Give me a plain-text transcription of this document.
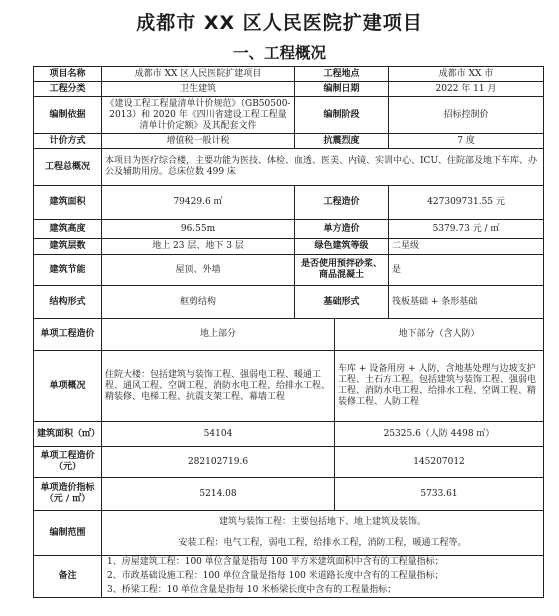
成都市 XX 区人民医院扩建项目
一、工程概况
项目名称	成都市 XX 区人民医院扩建项目	工程地点		成都市 XX 市
工程分类	卫生建筑	编制日期		2022 年 11 月
编制依据	《建设工程工程量清单计价规范》（GB50500-2013）和 2020 年《四川省建设工程工程量清单计价定额》及其配套文件	编制阶段		招标控制价
计价方式	增值税一般计税	抗震烈度		7 度
工程总概况	本项目为医疗综合楼，主要功能为医技、体检、血透、医美、内镜、实训中心、ICU、住院部及地下车库、办公及辅助用房。总床位数 499 床			
建筑面积	79429.6 ㎡	工程造价		427309731.55 元
建筑高度	96.55m	单方造价		5379.73 元 / ㎡
建筑层数	地上 23 层、地下 3 层	绿色建筑等级		二星级
建筑节能	屋顶、外墙	是否使用预拌砂浆、商品混凝土		是
结构形式	框剪结构	基础形式		筏板基础 + 条形基础
单项工程造价	地上部分		地下部分（含人防）	
单项概况	住院大楼：包括建筑与装饰工程、强弱电工程、暖通工程、通风工程、空调工程、消防水电工程、给排水工程、精装修、电梯工程、抗震支架工程、幕墙工程		车库 + 设备用房 + 人防，含地基处理与边坡支护工程、土石方工程。包括建筑与装饰工程、强弱电工程、消防水电工程、给排水工程、空调工程、精装修工程、人防工程	
建筑面积（㎡）	54104		25325.6（人防 4498 ㎡）	
单项工程造价（元）	282102719.6		145207012	
单项造价指标（元 / ㎡）	5214.08		5733.61	
编制范围	建筑与装饰工程：主要包括地下、地上建筑及装饰。
安装工程：电气工程，弱电工程，给排水工程，消防工程，暖通工程等。			

备注	1、房屋建筑工程：100 单位含量是指每 100 平方米建筑面积中含有的工程量指标；
2、市政基础设施工程：100 单位含量是指每 100 米道路长度中含有的工程量指标；
3、桥梁工程：10 单位含量是指每 10 米桥梁长度中含有的工程量指标；			
